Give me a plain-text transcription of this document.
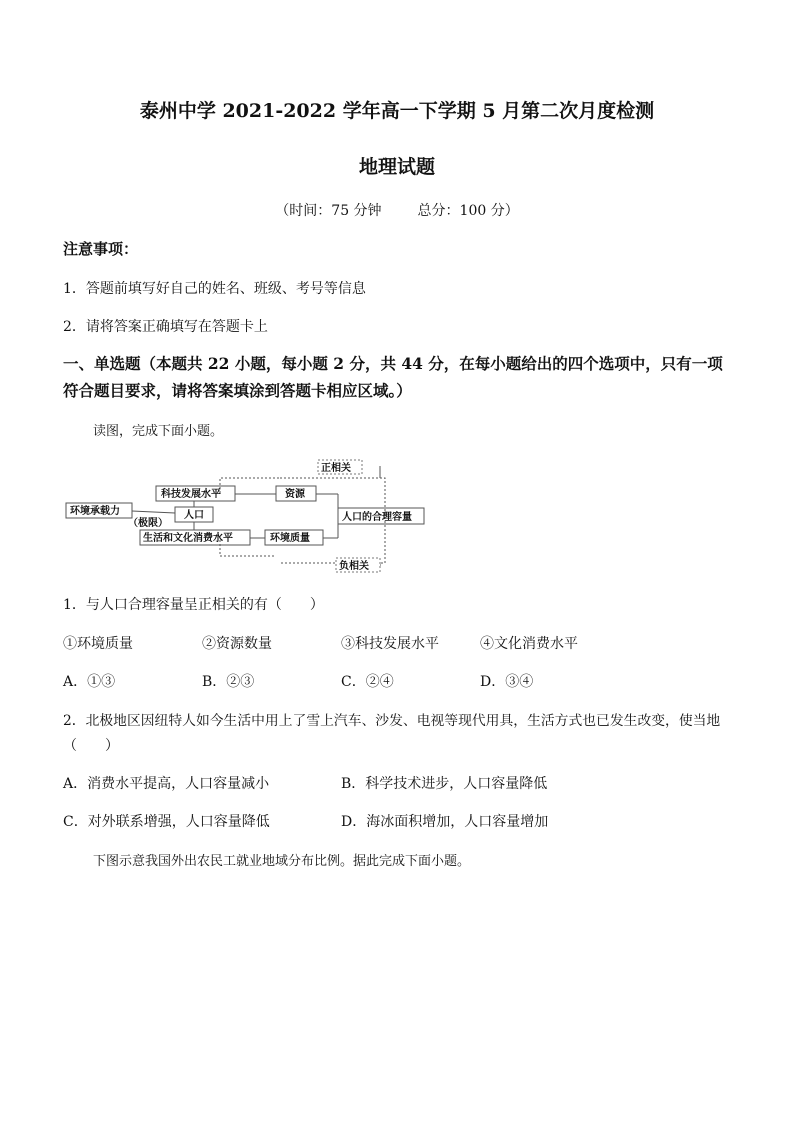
泰州中学 2021-2022 学年高一下学期 5 月第二次月度检测
地理试题
（时间：75 分钟	总分：100 分）
注意事项：
1．答题前填写好自己的姓名、班级、考号等信息
2．请将答案正确填写在答题卡上
一、单选题（本题共 22 小题，每小题 2 分，共 44 分，在每小题给出的四个选项中，只有一项符合题目要求，请将答案填涂到答题卡相应区域。）
读图，完成下面小题。
正相关
负相关
科技发展水平	资源
环境承载力
（极限）
人口	人口的合理容量
生活和文化消费水平	环境质量
1．与人口合理容量呈正相关的有（　　）
①环境质量	②资源数量	③科技发展水平	④文化消费水平
A．①③	B．②③	C．②④	D．③④
2．北极地区因纽特人如今生活中用上了雪上汽车、沙发、电视等现代用具，生活方式也已发生改变，使当地
（　　）
A．消费水平提高，人口容量减小	B．科学技术进步，人口容量降低
C．对外联系增强，人口容量降低	D．海冰面积增加，人口容量增加
下图示意我国外出农民工就业地域分布比例。据此完成下面小题。
